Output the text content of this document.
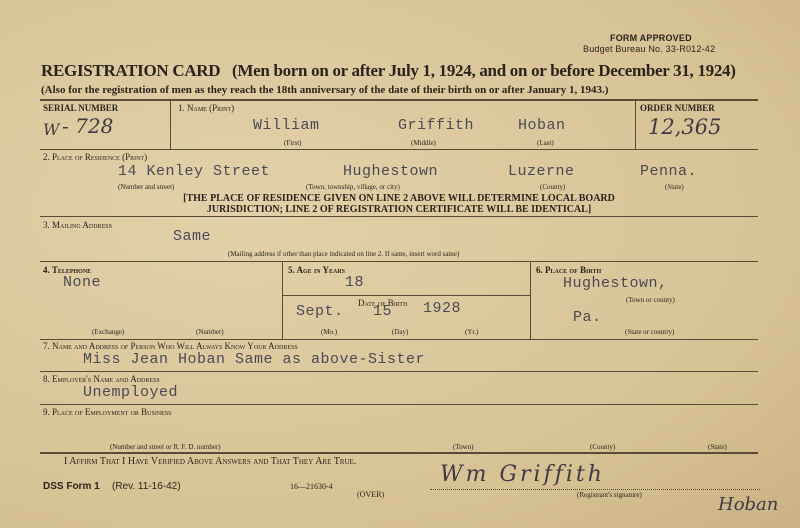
FORM APPROVED
Budget Bureau No. 33-R012-42
REGISTRATION CARD (Men born on or after July 1, 1924, and on or before December 31, 1924)
(Also for the registration of men as they reach the 18th anniversary of the date of their birth on or after January 1, 1943.)
SERIAL NUMBER
W - 728
1. Name (Print)
William	Griffith	Hoban
(First)	(Middle)	(Last)
ORDER NUMBER
12,365
2. Place of Residence (Print)
14 Kenley Street	Hughestown	Luzerne	Penna.
(Number and street)	(Town, township, village, or city)	(County)	(State)
[THE PLACE OF RESIDENCE GIVEN ON LINE 2 ABOVE WILL DETERMINE LOCAL BOARD
JURISDICTION; LINE 2 OF REGISTRATION CERTIFICATE WILL BE IDENTICAL]
3. Mailing Address
Same
(Mailing address if other than place indicated on line 2. If same, insert word same)
4. Telephone
None
(Exchange)	(Number)
5. Age in Years
18
Date of Birth
Sept. 15 1928
(Mo.)	(Day)	(Yr.)
6. Place of Birth
Hughestown,
(Town or county)
Pa.
(State or country)
7. Name and Address of Person Who Will Always Know Your Address
Miss Jean Hoban Same as above-Sister
8. Employer's Name and Address
Unemployed
9. Place of Employment or Business
(Number and street or R. F. D. number)	(Town)	(County)	(State)
I Affirm That I Have Verified Above Answers and That They Are True.
Wm Griffith
Hoban
(Registrant's signature)
DSS Form 1 (Rev. 11-16-42)	16—21630-4
(OVER)
